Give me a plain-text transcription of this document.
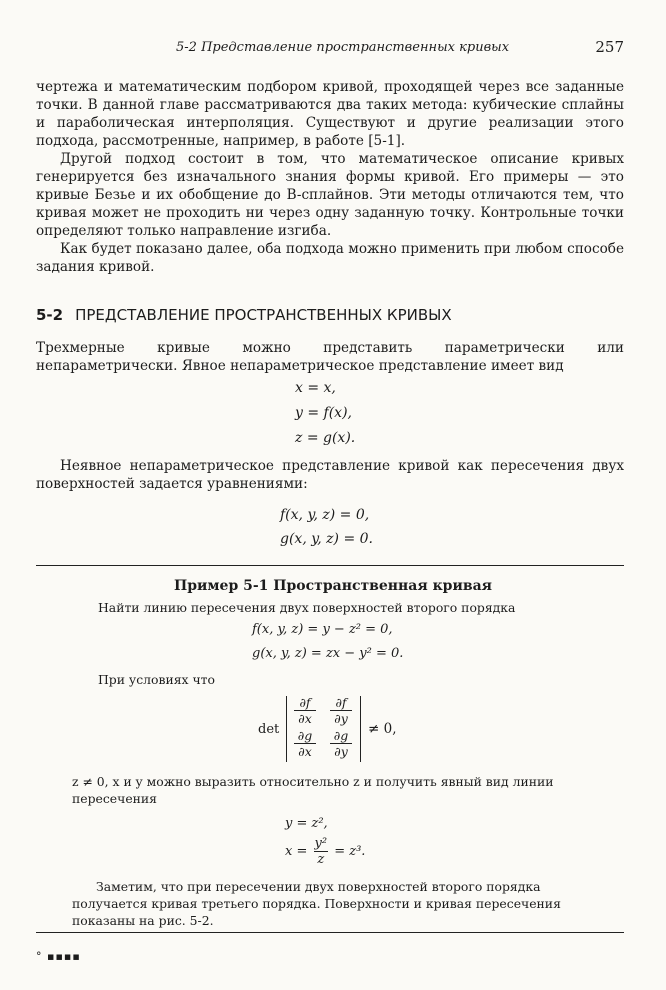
5-2 Представление пространственных кривых	257

чертежа и математическим подбором кривой, проходящей через все заданные точки. В данной главе рассматриваются два таких метода: кубические сплайны и параболическая интерполяция. Существуют и другие реализации этого подхода, рассмотренные, например, в работе [5-1].

Другой подход состоит в том, что математическое описание кривых генерируется без изначального знания формы кривой. Его примеры — это кривые Безье и их обобщение до B-сплайнов. Эти методы отличаются тем, что кривая может не проходить ни через одну заданную точку. Контрольные точки определяют только направление изгиба.

Как будет показано далее, оба подхода можно применить при любом способе задания кривой.

5-2 ПРЕДСТАВЛЕНИЕ ПРОСТРАНСТВЕННЫХ КРИВЫХ
Трехмерные кривые можно представить параметрически или непараметрически. Явное непараметрическое представление имеет вид
x = x,
y = f(x),
z = g(x).
Неявное непараметрическое представление кривой как пересечения двух поверхностей задается уравнениями:
f(x, y, z) = 0,
g(x, y, z) = 0.
Пример 5-1 Пространственная кривая
Найти линию пересечения двух поверхностей второго порядка
f(x, y, z) = y − z² = 0,
g(x, y, z) = zx − y² = 0.
При условиях что
det
$\frac{\partial f}{\partial x} \frac{\partial f}{\partial y}$
$\frac{\partial g}{\partial x} \frac{\partial g}{\partial y} \ne 0$,
z ≠ 0, x и y можно выразить относительно z и получить явный вид линии
пересечения
y = z²,
$x = \frac{\text{y²}}{z} = z^3$.
Заметим, что при пересечении двух поверхностей второго порядка получается кривая третьего порядка. Поверхности и кривая пересечения показаны на рис. 5-2.
° ▪▪▪▪
